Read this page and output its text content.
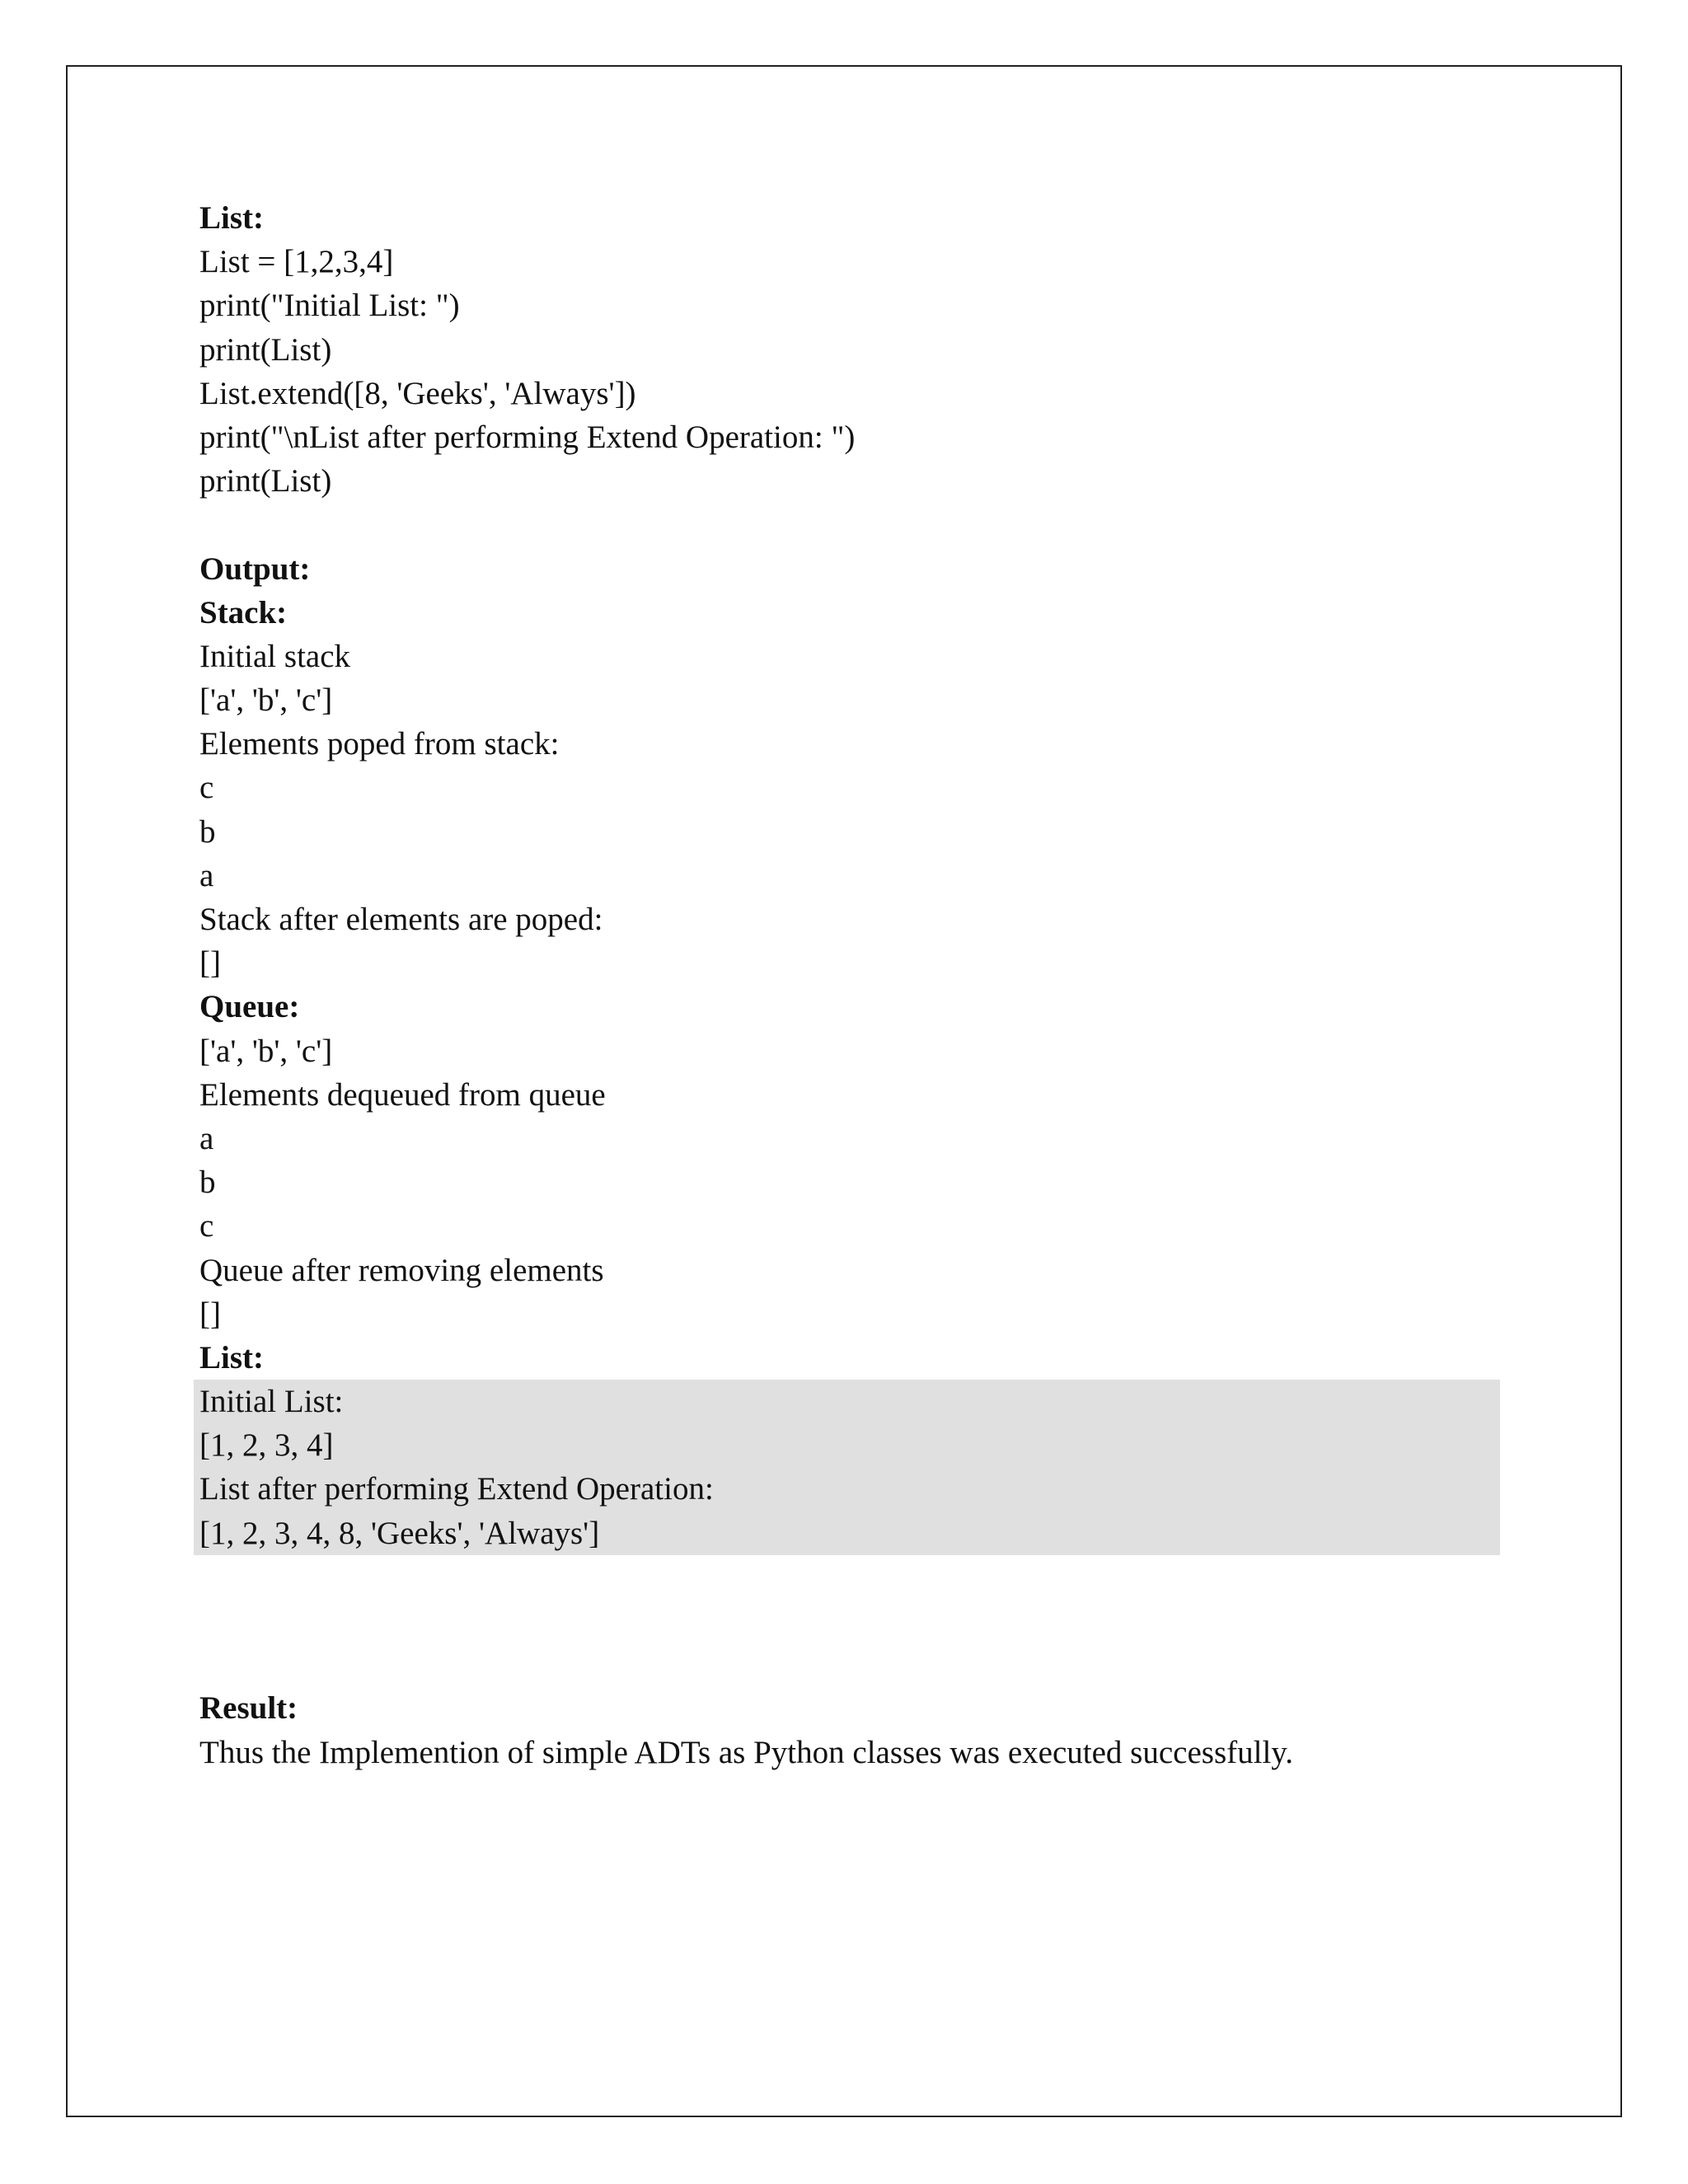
List:
List = [1,2,3,4]
print("Initial List: ")
print(List)
List.extend([8, 'Geeks', 'Always'])
print("\nList after performing Extend Operation: ")
print(List)
Output:
Stack:
Initial stack
['a', 'b', 'c']
Elements poped from stack:
c
b
a
Stack after elements are poped:
[]
Queue:
['a', 'b', 'c']
Elements dequeued from queue
a
b
c
Queue after removing elements
[]
List:
Initial List:
[1, 2, 3, 4]
List after performing Extend Operation:
[1, 2, 3, 4, 8, 'Geeks', 'Always']
Result:
Thus the Implemention of simple ADTs as Python classes was executed successfully.
